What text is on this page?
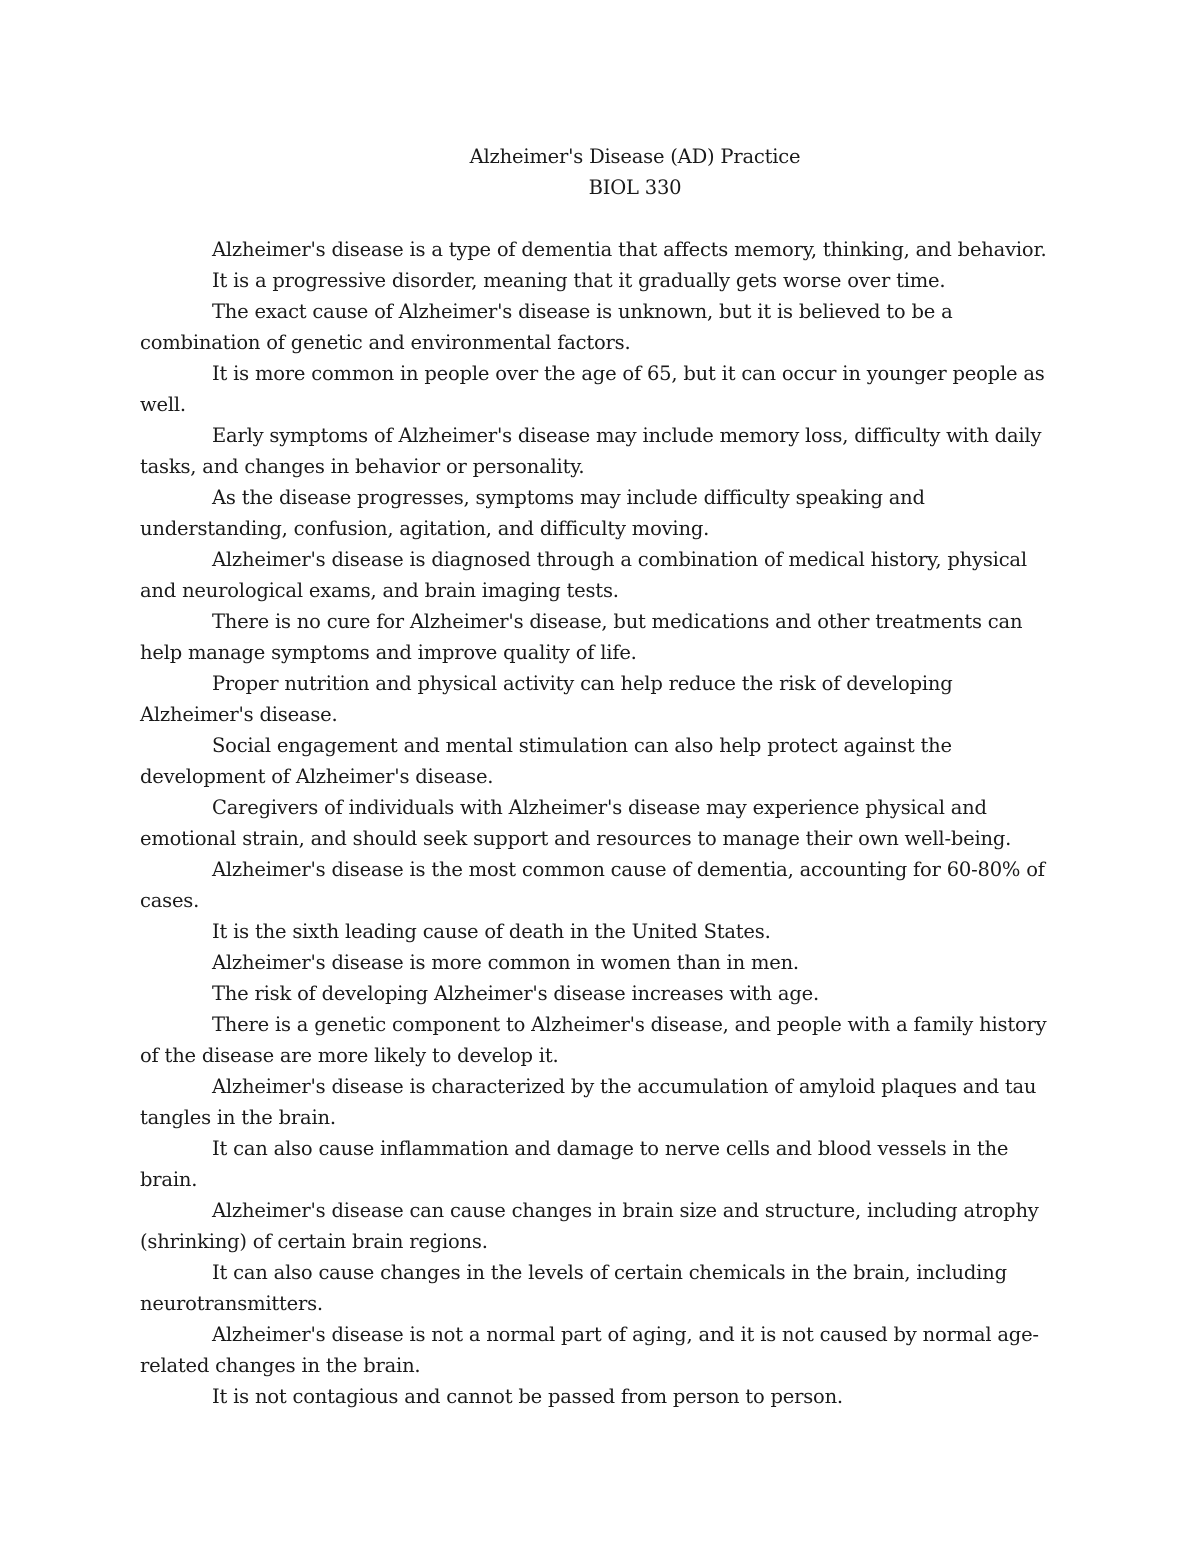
Alzheimer's Disease (AD) Practice
BIOL 330

Alzheimer's disease is a type of dementia that affects memory, thinking, and behavior.

It is a progressive disorder, meaning that it gradually gets worse over time.

The exact cause of Alzheimer's disease is unknown, but it is believed to be a combination of genetic and environmental factors.

It is more common in people over the age of 65, but it can occur in younger people as well.

Early symptoms of Alzheimer's disease may include memory loss, difficulty with daily tasks, and changes in behavior or personality.

As the disease progresses, symptoms may include difficulty speaking and understanding, confusion, agitation, and difficulty moving.

Alzheimer's disease is diagnosed through a combination of medical history, physical and neurological exams, and brain imaging tests.

There is no cure for Alzheimer's disease, but medications and other treatments can help manage symptoms and improve quality of life.

Proper nutrition and physical activity can help reduce the risk of developing Alzheimer's disease.

Social engagement and mental stimulation can also help protect against the development of Alzheimer's disease.

Caregivers of individuals with Alzheimer's disease may experience physical and emotional strain, and should seek support and resources to manage their own well-being.

Alzheimer's disease is the most common cause of dementia, accounting for 60-80% of cases.

It is the sixth leading cause of death in the United States.

Alzheimer's disease is more common in women than in men.

The risk of developing Alzheimer's disease increases with age.

There is a genetic component to Alzheimer's disease, and people with a family history of the disease are more likely to develop it.

Alzheimer's disease is characterized by the accumulation of amyloid plaques and tau tangles in the brain.

It can also cause inflammation and damage to nerve cells and blood vessels in the brain.

Alzheimer's disease can cause changes in brain size and structure, including atrophy (shrinking) of certain brain regions.

It can also cause changes in the levels of certain chemicals in the brain, including neurotransmitters.

Alzheimer's disease is not a normal part of aging, and it is not caused by normal age-related changes in the brain.

It is not contagious and cannot be passed from person to person.
